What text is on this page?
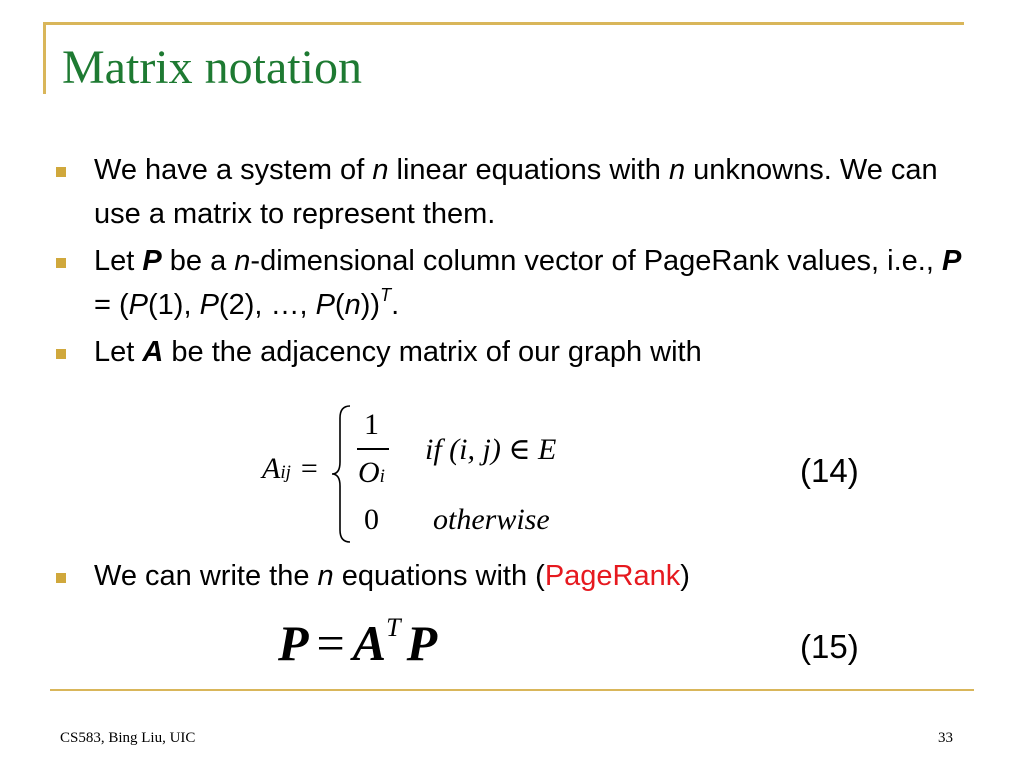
Matrix notation
We have a system of n linear equations with n unknowns. We can use a matrix to represent them.
Let P be a n-dimensional column vector of PageRank values, i.e., P = (P(1), P(2), …, P(n))$^T$.
Let A be the adjacency matrix of our graph with
We can write the n equations with (PageRank)
Aij =
1
Oi
if (i, j) ∈ E
0 otherwise
(14)
$P = A^T$ P	(15)
CS583, Bing Liu, UIC	33
